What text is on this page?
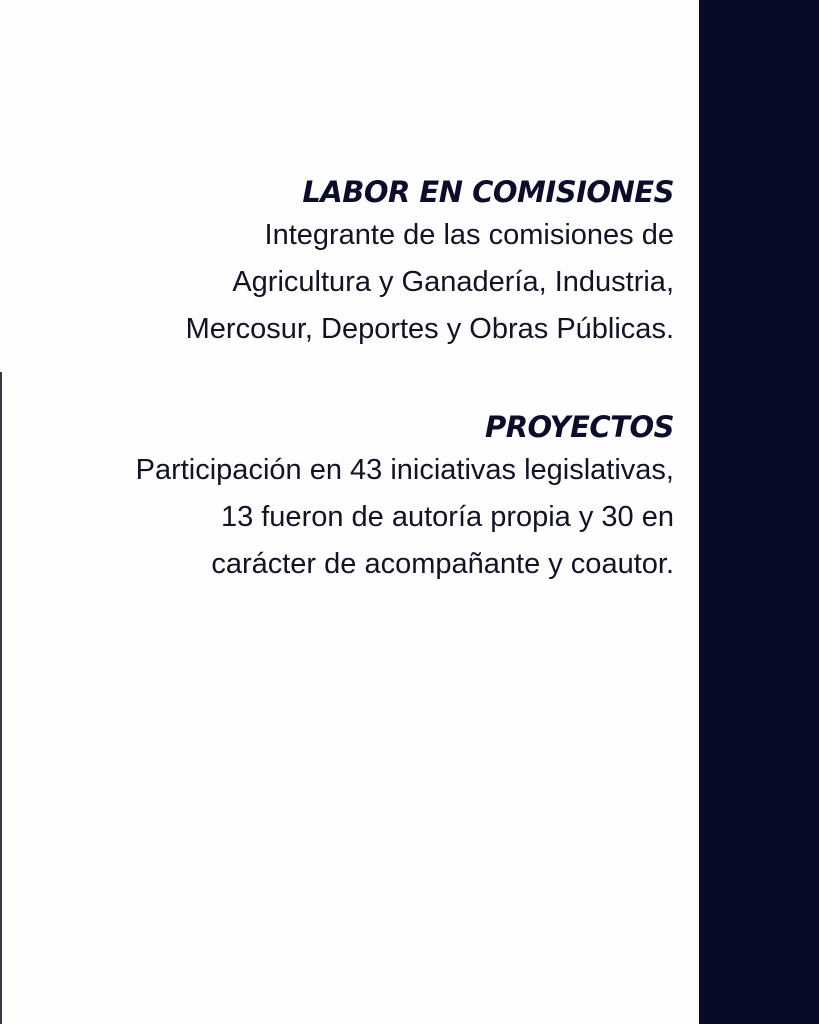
LABOR EN COMISIONES

Integrante de las comisiones de
Agricultura y Ganadería, Industria,
Mercosur, Deportes y Obras Públicas.

PROYECTOS

Participación en 43 iniciativas legislativas,
13 fueron de autoría propia y 30 en
carácter de acompañante y coautor.
